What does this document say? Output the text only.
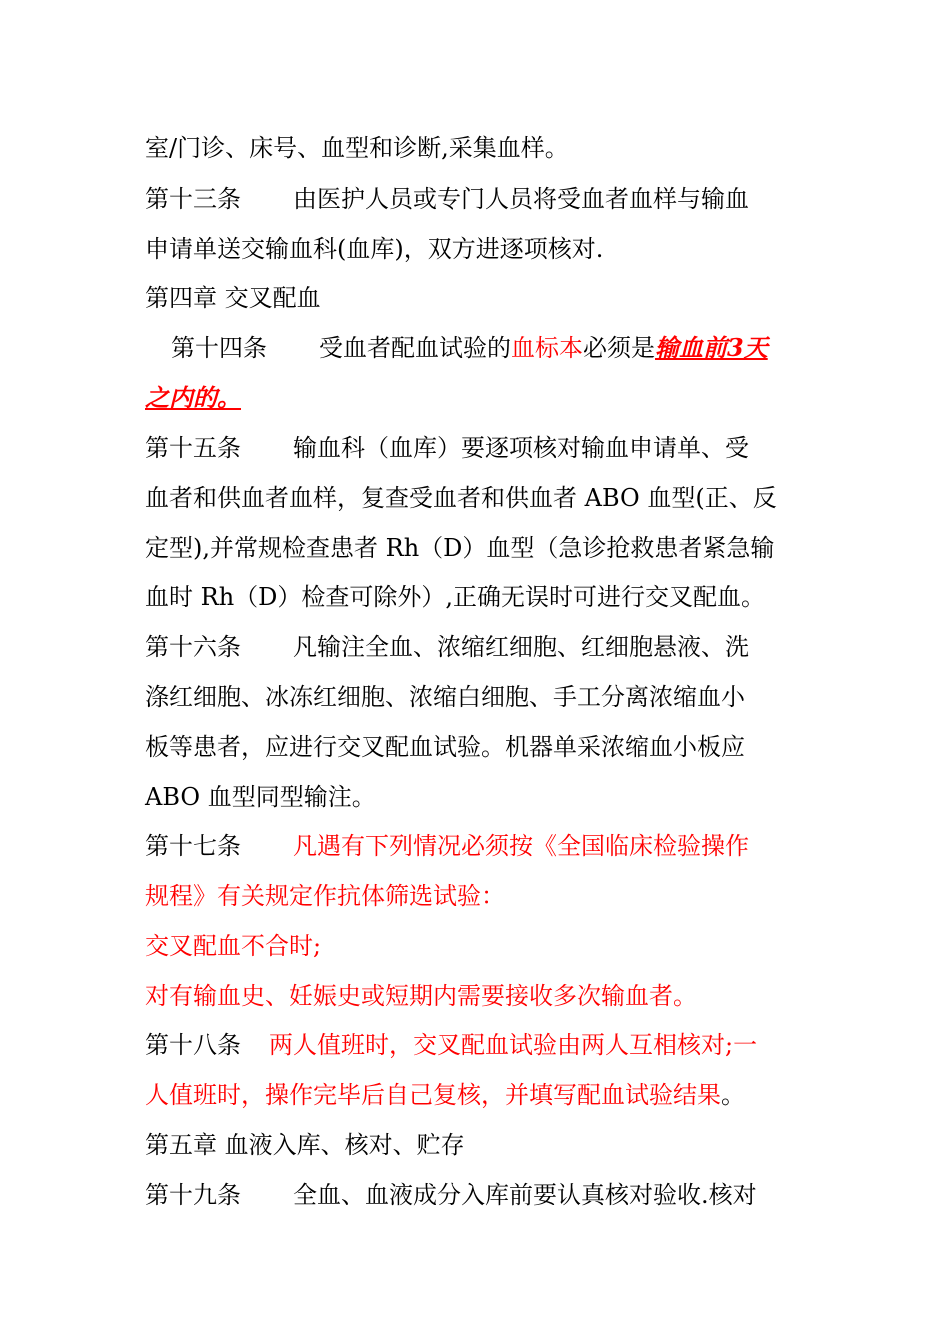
室/门诊、床号、血型和诊断,采集血样。
第十三条 由医护人员或专门人员将受血者血样与输血
申请单送交输血科(血库)，双方进逐项核对.
第四章 交叉配血
第十四条 受血者配血试验的血标本必须是输血前3天
之内的。
第十五条 输血科（血库）要逐项核对输血申请单、受
血者和供血者血样，复查受血者和供血者 ABO 血型(正、反
定型),并常规检查患者 Rh（D）血型（急诊抢救患者紧急输
血时 Rh（D）检查可除外）,正确无误时可进行交叉配血。
第十六条 凡输注全血、浓缩红细胞、红细胞悬液、洗
涤红细胞、冰冻红细胞、浓缩白细胞、手工分离浓缩血小
板等患者，应进行交叉配血试验。机器单采浓缩血小板应
ABO 血型同型输注。
第十七条 凡遇有下列情况必须按《全国临床检验操作
规程》有关规定作抗体筛选试验：
交叉配血不合时;
对有输血史、妊娠史或短期内需要接收多次输血者。
第十八条 两人值班时，交叉配血试验由两人互相核对;一
人值班时，操作完毕后自己复核，并填写配血试验结果。
第五章 血液入库、核对、贮存
第十九条 全血、血液成分入库前要认真核对验收.核对
